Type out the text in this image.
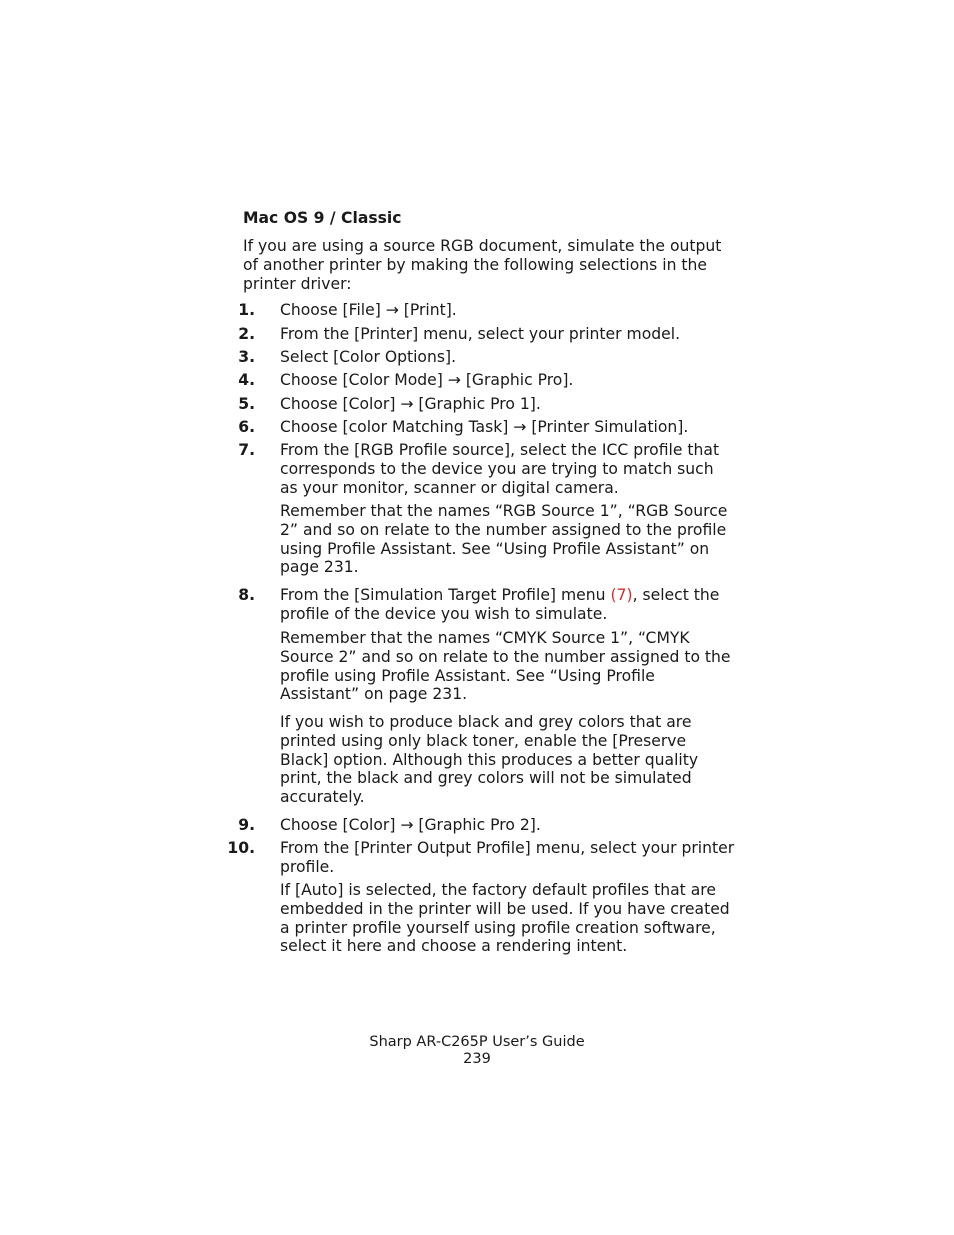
Mac OS 9 / Classic
If you are using a source RGB document, simulate the output of another printer by making the following selections in the printer driver:
1. Choose [File] → [Print].
2. From the [Printer] menu, select your printer model.
3. Select [Color Options].
4. Choose [Color Mode] → [Graphic Pro].
5. Choose [Color] → [Graphic Pro 1].
6. Choose [color Matching Task] → [Printer Simulation].
7. From the [RGB Profile source], select the ICC profile that corresponds to the device you are trying to match such as your monitor, scanner or digital camera.
Remember that the names “RGB Source 1”, “RGB Source 2” and so on relate to the number assigned to the profile using Profile Assistant. See “Using Profile Assistant” on page 231.
8. From the [Simulation Target Profile] menu (7), select the profile of the device you wish to simulate.
Remember that the names “CMYK Source 1”, “CMYK Source 2” and so on relate to the number assigned to the profile using Profile Assistant. See “Using Profile Assistant” on page 231.
If you wish to produce black and grey colors that are printed using only black toner, enable the [Preserve Black] option. Although this produces a better quality print, the black and grey colors will not be simulated accurately.
9. Choose [Color] → [Graphic Pro 2].
10. From the [Printer Output Profile] menu, select your printer profile.
If [Auto] is selected, the factory default profiles that are embedded in the printer will be used. If you have created a printer profile yourself using profile creation software, select it here and choose a rendering intent.
Sharp AR-C265P User’s Guide
239
